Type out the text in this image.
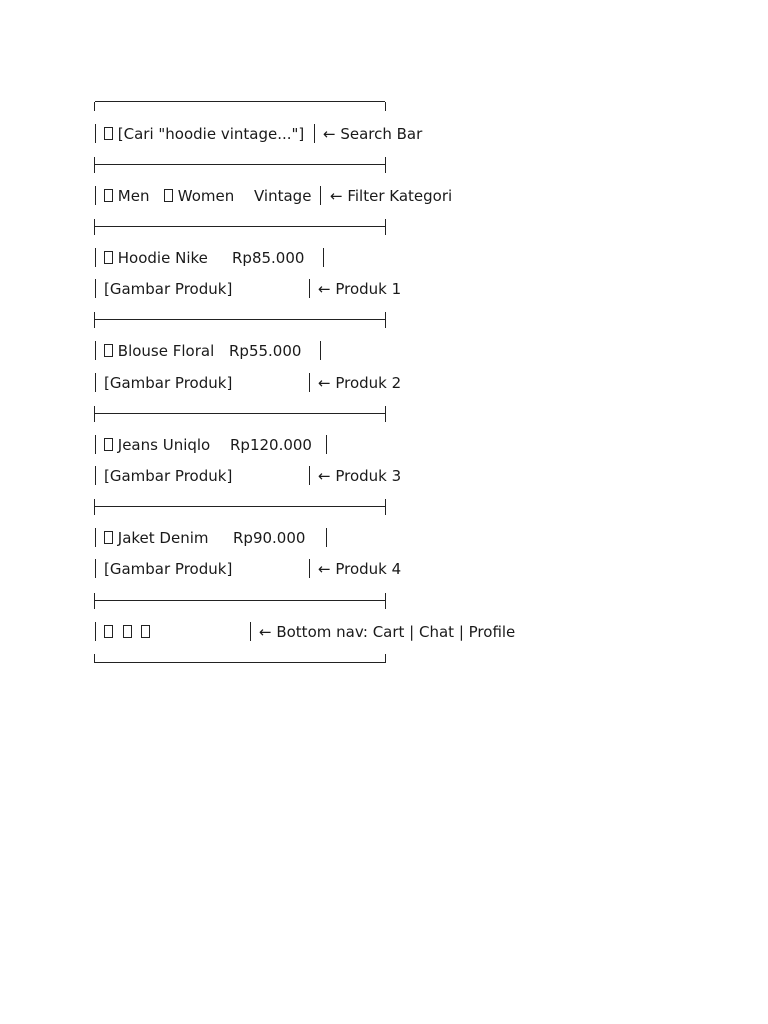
[Cari "hoodie vintage..."] ← Search Bar
Men	Women Vintage ← Filter Kategori
Hoodie Nike Rp85.000
[Gambar Produk]	← Produk 1
Blouse Floral Rp55.000
[Gambar Produk]	← Produk 2
Jeans Uniqlo Rp120.000
[Gambar Produk]	← Produk 3
Jaket Denim Rp90.000
[Gambar Produk]	← Produk 4

← Bottom nav: Cart | Chat | Profile
